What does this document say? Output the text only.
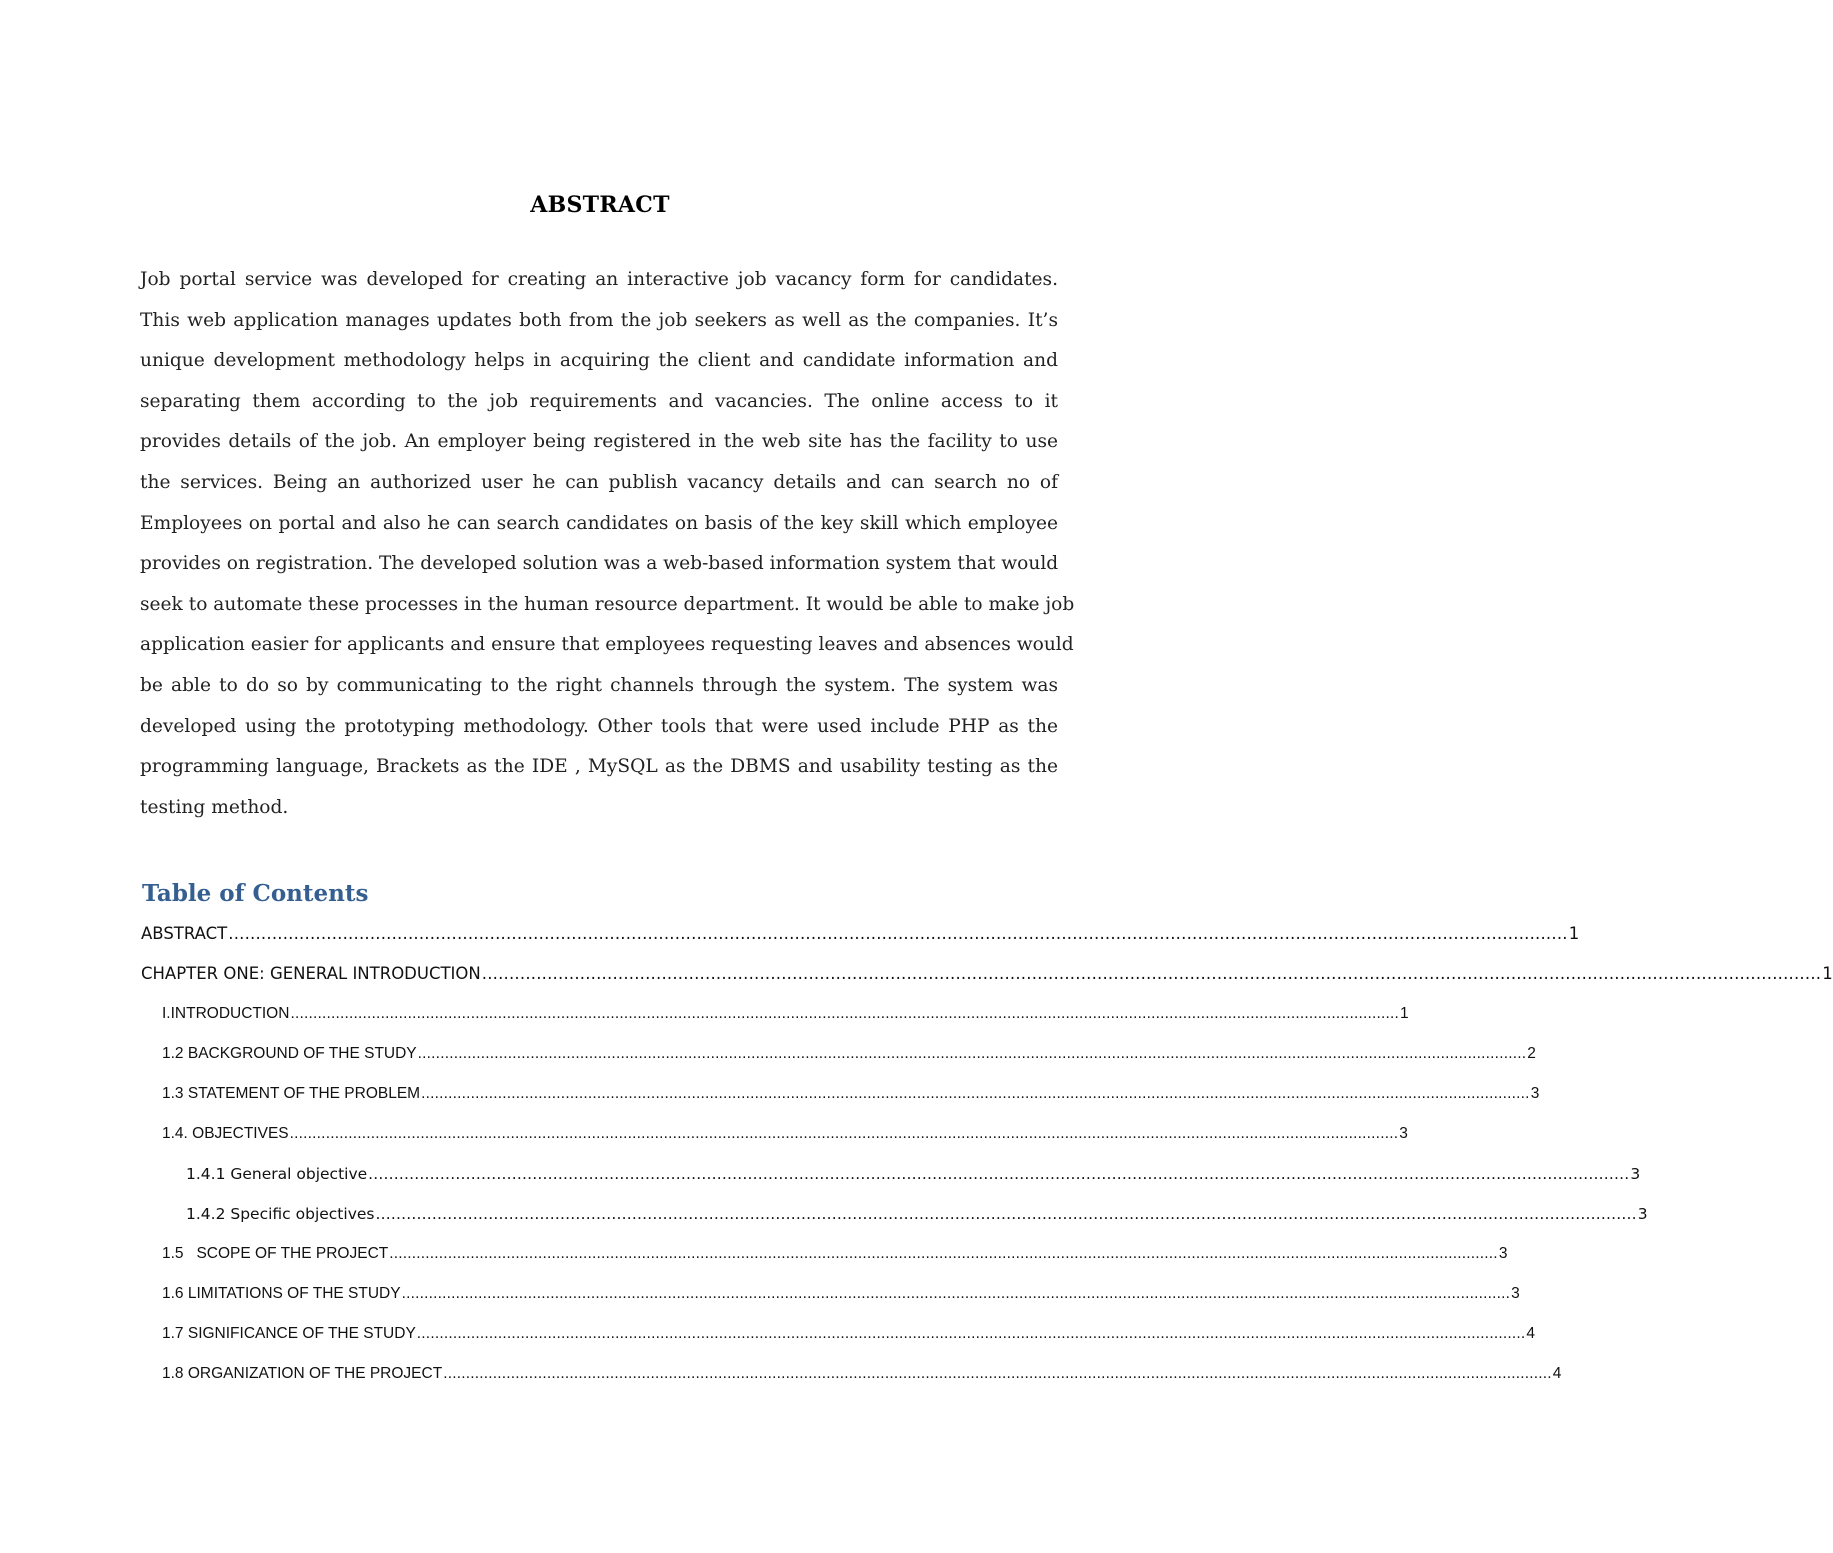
ABSTRACT
Job portal service was developed for creating an interactive job vacancy form for candidates.
This web application manages updates both from the job seekers as well as the companies. It’s
unique development methodology helps in acquiring the client and candidate information and
separating them according to the job requirements and vacancies. The online access to it
provides details of the job. An employer being registered in the web site has the facility to use
the services. Being an authorized user he can publish vacancy details and can search no of
Employees on portal and also he can search candidates on basis of the key skill which employee
provides on registration. The developed solution was a web-based information system that would
seek to automate these processes in the human resource department. It would be able to make job
application easier for applicants and ensure that employees requesting leaves and absences would
be able to do so by communicating to the right channels through the system. The system was
developed using the prototyping methodology. Other tools that were used include PHP as the
programming language, Brackets as the IDE , MySQL as the DBMS and usability testing as the
testing method.
Table of Contents
ABSTRACT ...................................................................................................................................................................................................................................................... 1
CHAPTER ONE: GENERAL INTRODUCTION ...................................................................................................................................................................................................................................................... 1
I.INTRODUCTION ...................................................................................................................................................................................................................................................... 1
1.2 BACKGROUND OF THE STUDY ...................................................................................................................................................................................................................................................... 2
1.3 STATEMENT OF THE PROBLEM ...................................................................................................................................................................................................................................................... 3
1.4. OBJECTIVES ...................................................................................................................................................................................................................................................... 3
1.4.1 General objective ...................................................................................................................................................................................................................................................... 3
1.4.2 Specific objectives ...................................................................................................................................................................................................................................................... 3
1.5   SCOPE OF THE PROJECT ...................................................................................................................................................................................................................................................... 3
1.6 LIMITATIONS OF THE STUDY ...................................................................................................................................................................................................................................................... 3
1.7 SIGNIFICANCE OF THE STUDY ...................................................................................................................................................................................................................................................... 4
1.8 ORGANIZATION OF THE PROJECT ...................................................................................................................................................................................................................................................... 4
